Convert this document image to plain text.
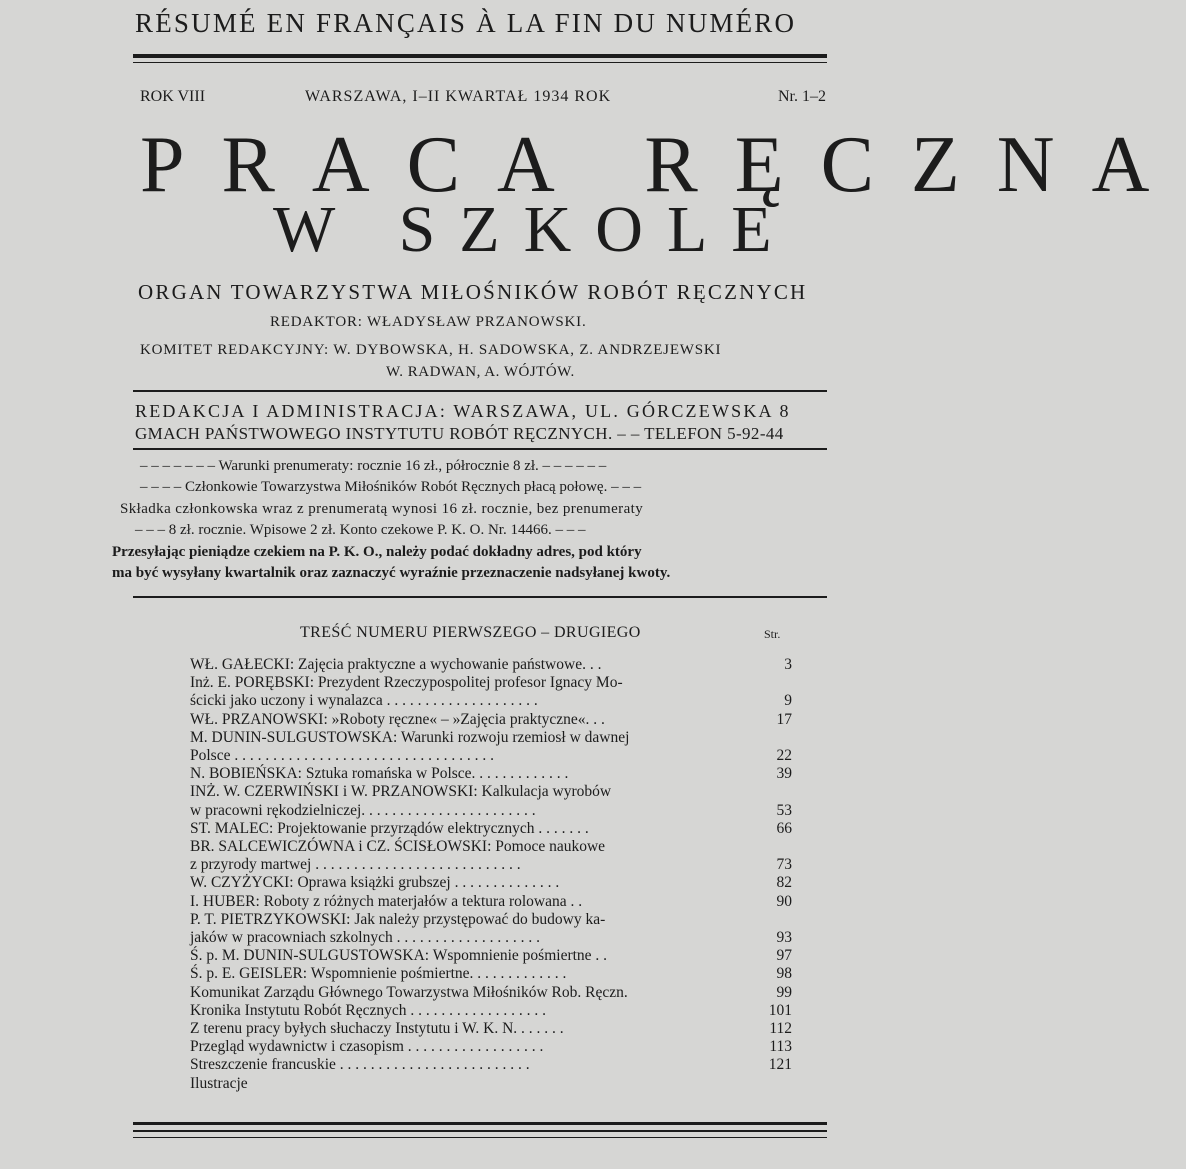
RÉSUMÉ EN FRANÇAIS À LA FIN DU NUMÉRO
ROK VIII	WARSZAWA, I–II KWARTAŁ 1934 ROK	Nr. 1–2
PRACA RĘCZNA
W SZKOLE
ORGAN TOWARZYSTWA MIŁOŚNIKÓW ROBÓT RĘCZNYCH
REDAKTOR: WŁADYSŁAW PRZANOWSKI.
KOMITET REDAKCYJNY: W. DYBOWSKA, H. SADOWSKA, Z. ANDRZEJEWSKI
W. RADWAN, A. WÓJTÓW.
REDAKCJA I ADMINISTRACJA: WARSZAWA, UL. GÓRCZEWSKA 8
GMACH PAŃSTWOWEGO INSTYTUTU ROBÓT RĘCZNYCH. – – TELEFON 5-92-44
– – – – – – – Warunki prenumeraty: rocznie 16 zł., półrocznie 8 zł. – – – – – –
– – – – Członkowie Towarzystwa Miłośników Robót Ręcznych płacą połowę. – – –
Składka członkowska wraz z prenumeratą wynosi 16 zł. rocznie, bez prenumeraty
– – – 8 zł. rocznie. Wpisowe 2 zł. Konto czekowe P. K. O. Nr. 14466. – – –
Przesyłając pieniądze czekiem na P. K. O., należy podać dokładny adres, pod który
ma być wysyłany kwartalnik oraz zaznaczyć wyraźnie przeznaczenie nadsyłanej kwoty.
TREŚĆ NUMERU PIERWSZEGO – DRUGIEGO	Str.
WŁ. GAŁECKI: Zajęcia praktyczne a wychowanie państwowe. . .	3
Inż. E. PORĘBSKI: Prezydent Rzeczypospolitej profesor Ignacy Mo-
ścicki jako uczony i wynalazca . . . . . . . . . . . . . . . . . . . .	9
WŁ. PRZANOWSKI: »Roboty ręczne« – »Zajęcia praktyczne«. . .	17
M. DUNIN-SULGUSTOWSKA: Warunki rozwoju rzemiosł w dawnej
Polsce . . . . . . . . . . . . . . . . . . . . . . . . . . . . . . . . . .	22
N. BOBIEŃSKA: Sztuka romańska w Polsce. . . . . . . . . . . . .	39
INŻ. W. CZERWIŃSKI i W. PRZANOWSKI: Kalkulacja wyrobów
w pracowni rękodzielniczej. . . . . . . . . . . . . . . . . . . . . . .	53
ST. MALEC: Projektowanie przyrządów elektrycznych . . . . . . .	66
BR. SALCEWICZÓWNA i CZ. ŚCISŁOWSKI: Pomoce naukowe
z przyrody martwej . . . . . . . . . . . . . . . . . . . . . . . . . . .	73
W. CZYŻYCKI: Oprawa książki grubszej . . . . . . . . . . . . . .	82
I. HUBER: Roboty z różnych materjałów a tektura rolowana . .	90
P. T. PIETRZYKOWSKI: Jak należy przystępować do budowy ka-
jaków w pracowniach szkolnych . . . . . . . . . . . . . . . . . . .	93
Ś. p. M. DUNIN-SULGUSTOWSKA: Wspomnienie pośmiertne . .	97
Ś. p. E. GEISLER: Wspomnienie pośmiertne. . . . . . . . . . . . .	98
Komunikat Zarządu Głównego Towarzystwa Miłośników Rob. Ręczn.	99
Kronika Instytutu Robót Ręcznych . . . . . . . . . . . . . . . . . .	101
Z terenu pracy byłych słuchaczy Instytutu i W. K. N. . . . . . .	112
Przegląd wydawnictw i czasopism . . . . . . . . . . . . . . . . . .	113
Streszczenie francuskie . . . . . . . . . . . . . . . . . . . . . . . . .	121
Ilustracje
